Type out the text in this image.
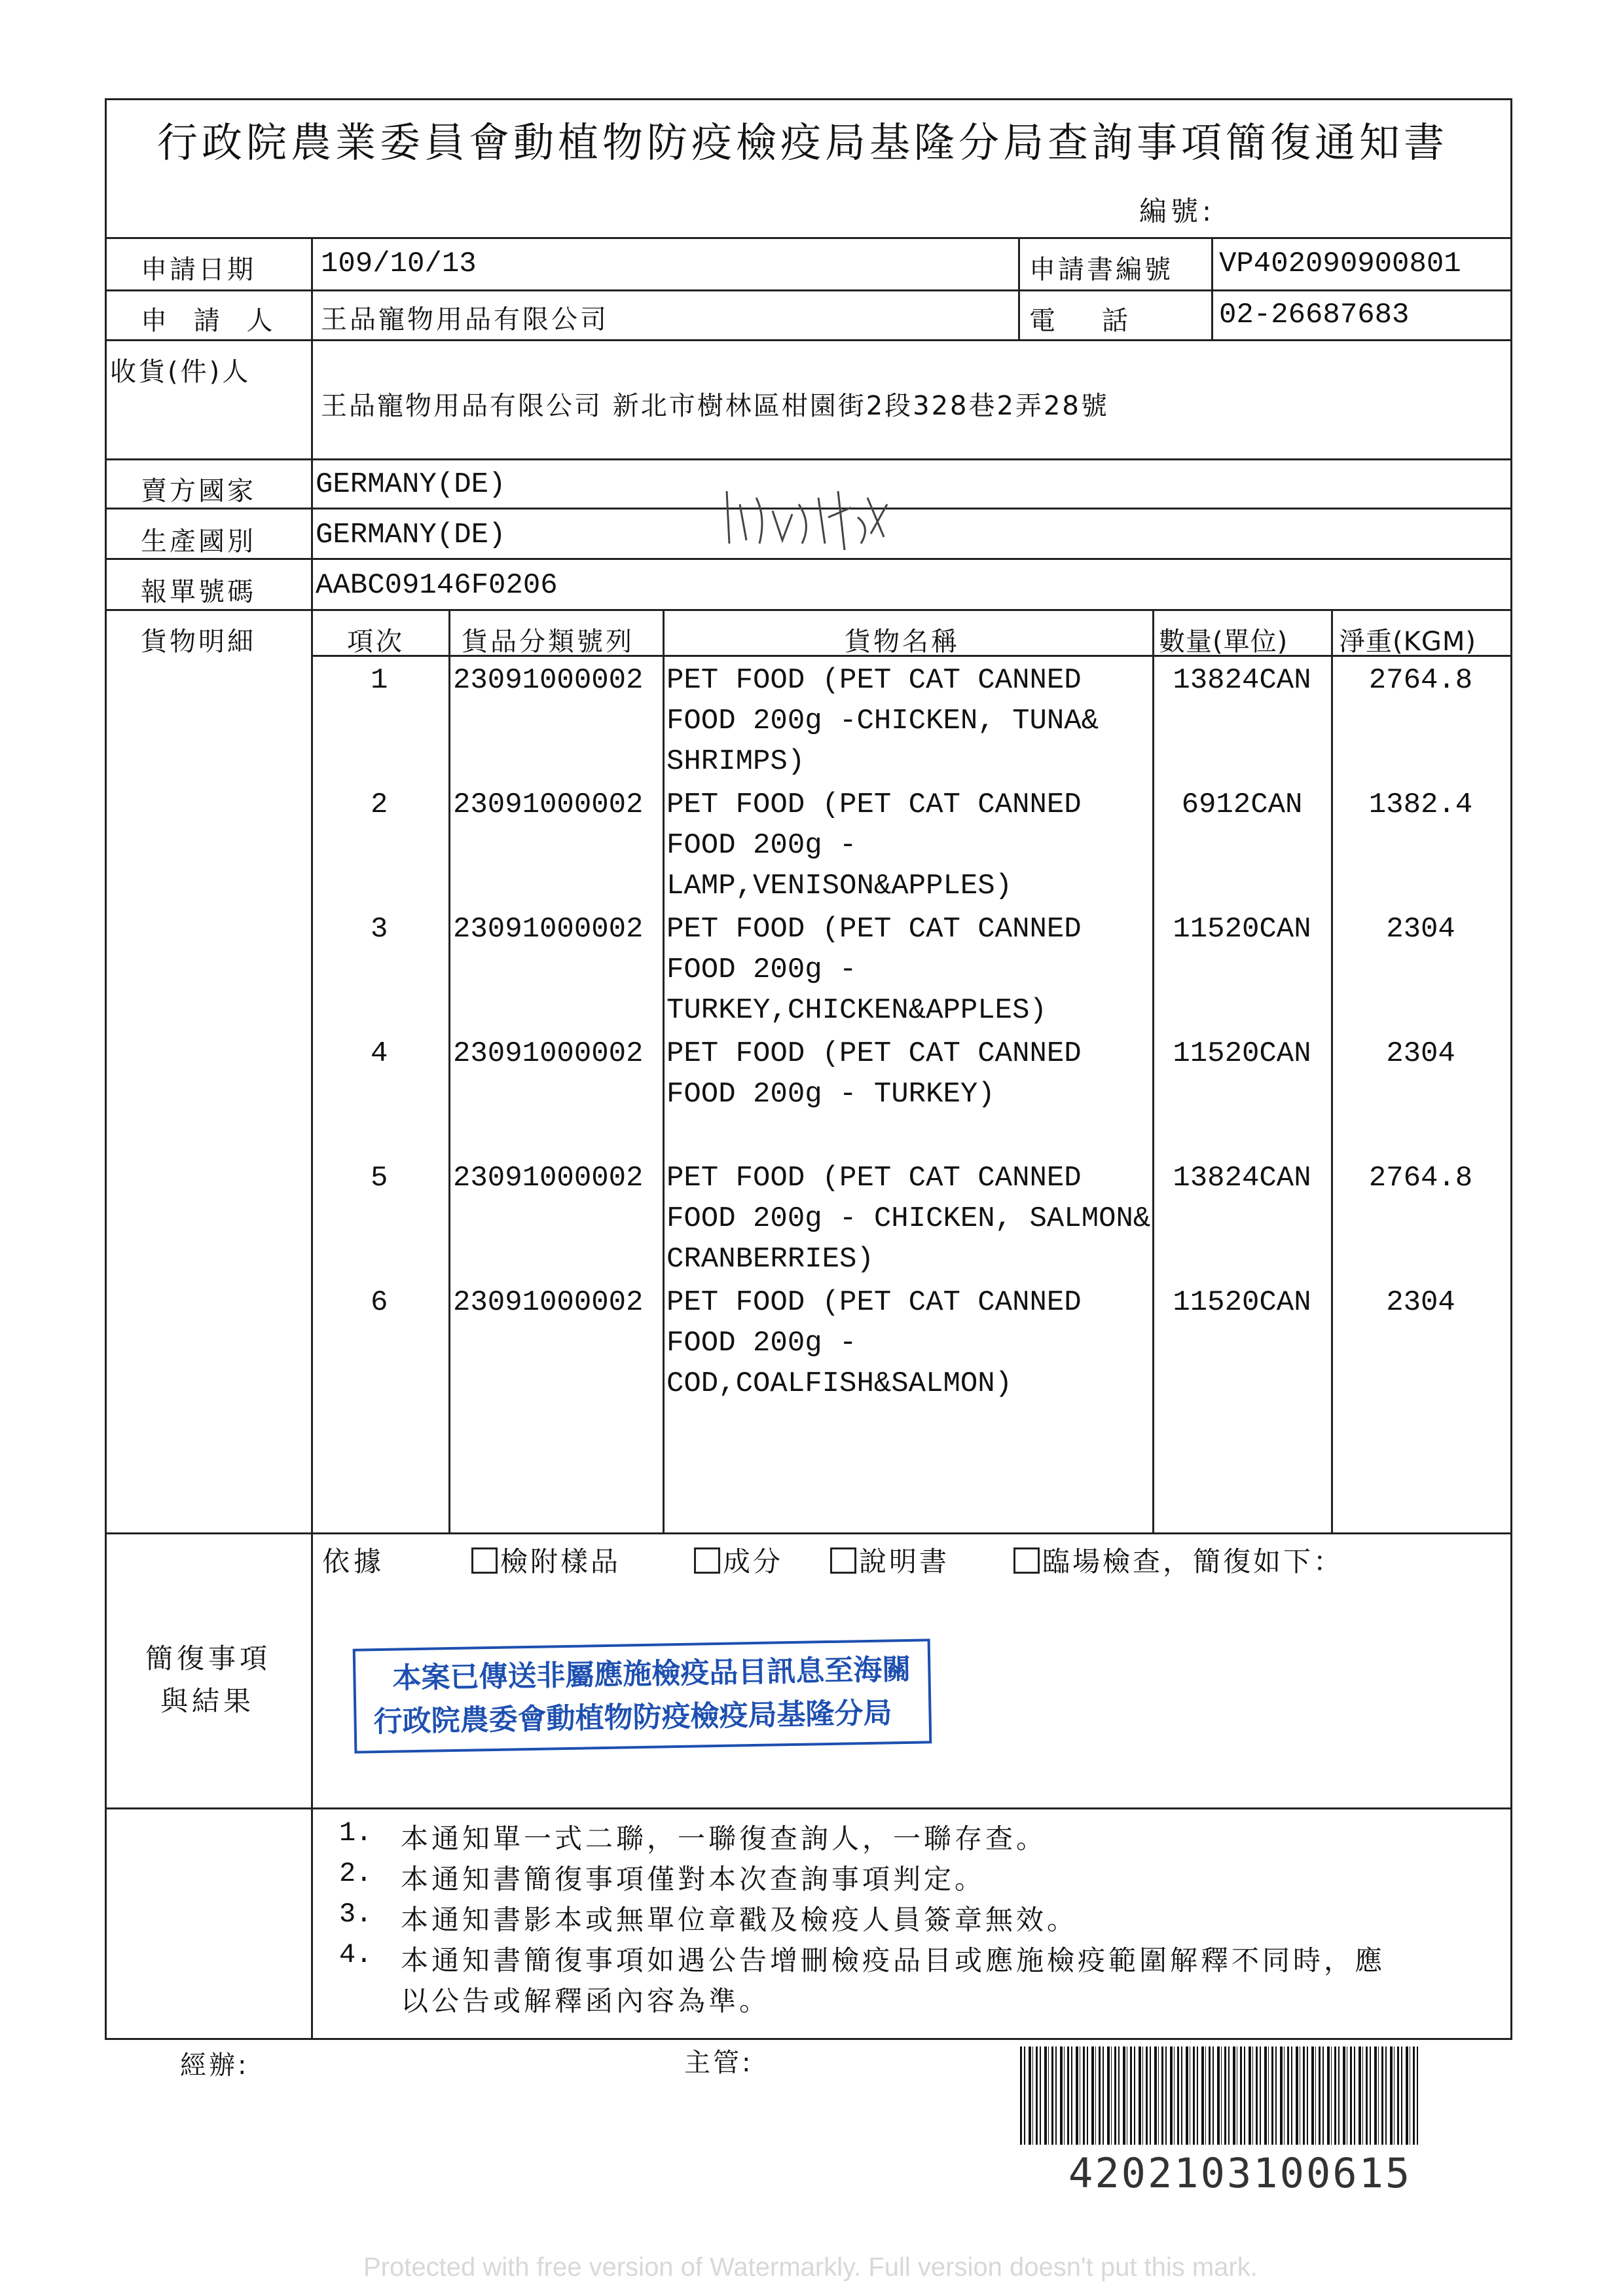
行政院農業委員會動植物防疫檢疫局基隆分局查詢事項簡復通知書
編號:
申請日期 109/10/13	申請書編號 VP402090900801
申 請 人 王品寵物用品有限公司	電    話	02-26687683
收貨(件)人
王品寵物用品有限公司 新北市樹林區柑園街2段328巷2弄28號
賣方國家 GERMANY(DE)
生產國別 GERMANY(DE)
報單號碼 AABC09146F0206
貨物明細	項次 貨品分類號列	貨物名稱	數量(單位) 淨重(KGM)
1 23091000002 PET FOOD (PET CAT CANNED
FOOD 200g -CHICKEN, TUNA&
SHRIMPS)
13824CAN	2764.8
2 23091000002 PET FOOD (PET CAT CANNED
FOOD 200g -
LAMP,VENISON&APPLES)
6912CAN	1382.4
3 23091000002 PET FOOD (PET CAT CANNED
FOOD 200g -
TURKEY,CHICKEN&APPLES)
11520CAN	2304
4 23091000002 PET FOOD (PET CAT CANNED
FOOD 200g - TURKEY)
11520CAN	2304
5 23091000002 PET FOOD (PET CAT CANNED
FOOD 200g - CHICKEN, SALMON&
CRANBERRIES)
13824CAN	2764.8
6 23091000002 PET FOOD (PET CAT CANNED
FOOD 200g -
COD,COALFISH&SALMON)
11520CAN	2304
簡復事項
與結果
依據	檢附樣品	成分	說明書	臨場檢查，簡復如下：
本案已傳送非屬應施檢疫品目訊息至海關
行政院農委會動植物防疫檢疫局基隆分局
1. 本通知單一式二聯，一聯復查詢人，一聯存查。
2. 本通知書簡復事項僅對本次查詢事項判定。
3. 本通知書影本或無單位章戳及檢疫人員簽章無效。
4. 本通知書簡復事項如遇公告增刪檢疫品目或應施檢疫範圍解釋不同時，應
以公告或解釋函內容為準。
經辦:	主管:
4202103100615
Protected with free version of Watermarkly. Full version doesn't put this mark.
